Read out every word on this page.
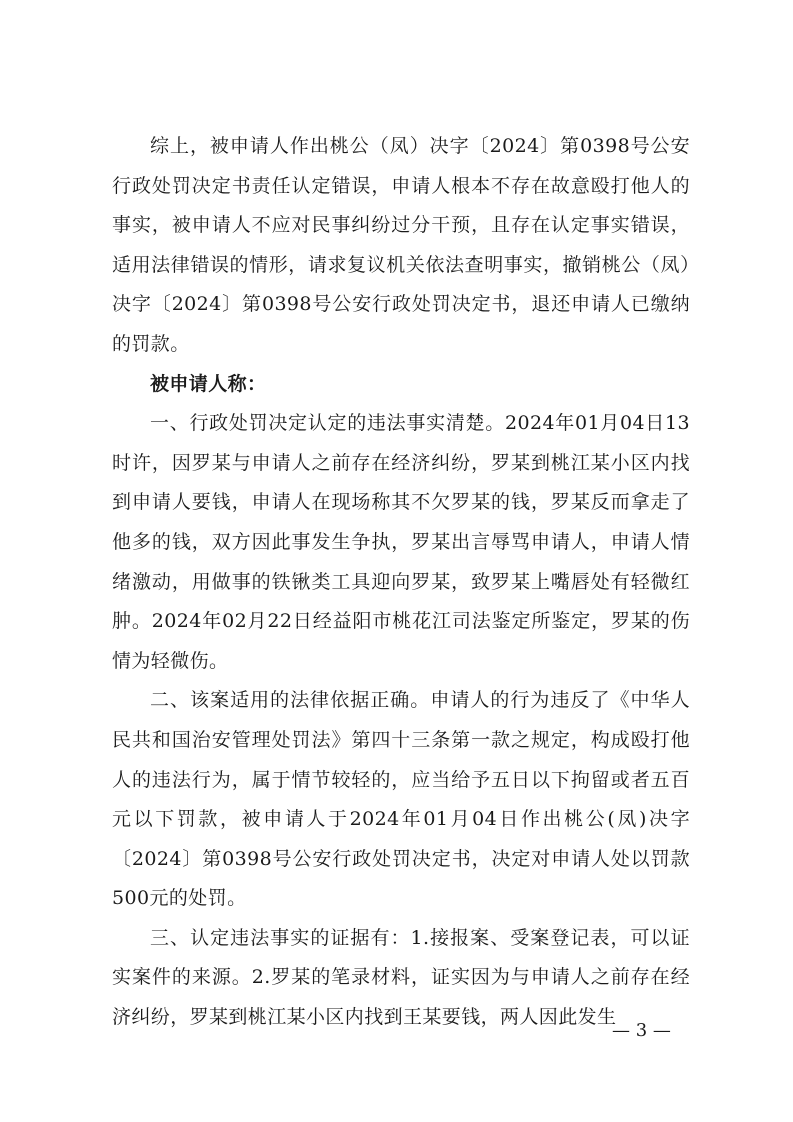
综上，被申请人作出桃公（凤）决字〔2024〕第0398号公安行政处罚决定书责任认定错误，申请人根本不存在故意殴打他人的事实，被申请人不应对民事纠纷过分干预，且存在认定事实错误，适用法律错误的情形，请求复议机关依法查明事实，撤销桃公（凤）决字〔2024〕第0398号公安行政处罚决定书，退还申请人已缴纳的罚款。

被申请人称：

一、行政处罚决定认定的违法事实清楚。2024年01月04日13时许，因罗某与申请人之前存在经济纠纷，罗某到桃江某小区内找到申请人要钱，申请人在现场称其不欠罗某的钱，罗某反而拿走了他多的钱，双方因此事发生争执，罗某出言辱骂申请人，申请人情绪激动，用做事的铁锹类工具迎向罗某，致罗某上嘴唇处有轻微红肿。2024年02月22日经益阳市桃花江司法鉴定所鉴定，罗某的伤情为轻微伤。

二、该案适用的法律依据正确。申请人的行为违反了《中华人民共和国治安管理处罚法》第四十三条第一款之规定，构成殴打他人的违法行为，属于情节较轻的，应当给予五日以下拘留或者五百元以下罚款，被申请人于2024年01月04日作出桃公(凤)决字〔2024〕第0398号公安行政处罚决定书，决定对申请人处以罚款500元的处罚。

三、认定违法事实的证据有：1.接报案、受案登记表，可以证实案件的来源。2.罗某的笔录材料，证实因为与申请人之前存在经济纠纷，罗某到桃江某小区内找到王某要钱，两人因此发生

— 3 —
